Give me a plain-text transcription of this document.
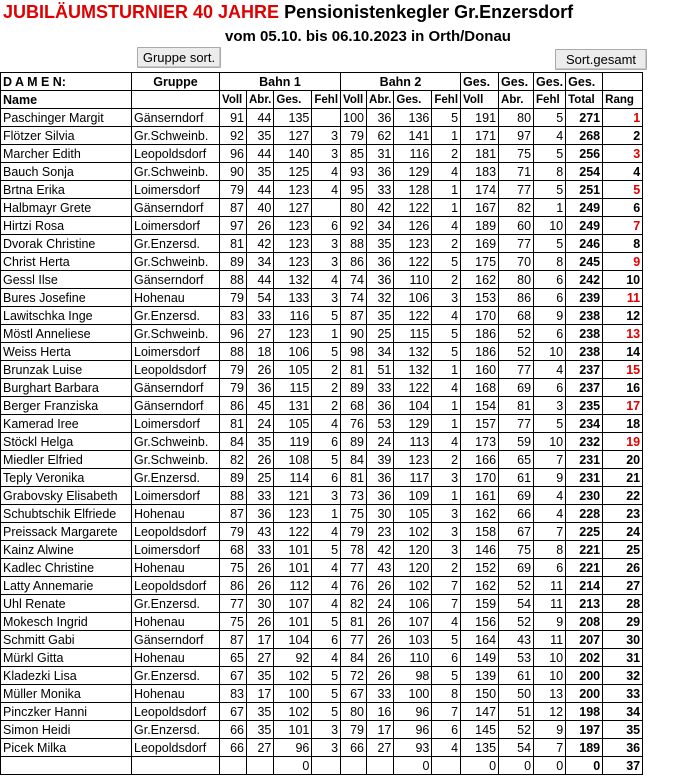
JUBILÄUMSTURNIER 40 JAHRE Pensionistenkegler Gr.Enzersdorf
vom 05.10. bis 06.10.2023 in Orth/Donau
Gruppe sort.	Sort.gesamt
D A M E N:	Gruppe	Bahn 1				Bahn 2				Ges.	Ges.	Ges.	Ges.	
Name		Voll	Abr.	Ges.	Fehl	Voll	Abr.	Ges.	Fehl	Voll	Abr.	Fehl	Total	Rang
Paschinger Margit	Gänserndorf	91	44	135		100	36	136	5	191	80	5	271	1
Flötzer Silvia	Gr.Schweinb.	92	35	127	3	79	62	141	1	171	97	4	268	2
Marcher Edith	Leopoldsdorf	96	44	140	3	85	31	116	2	181	75	5	256	3
Bauch Sonja	Gr.Schweinb.	90	35	125	4	93	36	129	4	183	71	8	254	4
Brtna Erika	Loimersdorf	79	44	123	4	95	33	128	1	174	77	5	251	5
Halbmayr Grete	Gänserndorf	87	40	127		80	42	122	1	167	82	1	249	6
Hirtzi Rosa	Loimersdorf	97	26	123	6	92	34	126	4	189	60	10	249	7
Dvorak Christine	Gr.Enzersd.	81	42	123	3	88	35	123	2	169	77	5	246	8
Christ Herta	Gr.Schweinb.	89	34	123	3	86	36	122	5	175	70	8	245	9
Gessl Ilse	Gänserndorf	88	44	132	4	74	36	110	2	162	80	6	242	10
Bures Josefine	Hohenau	79	54	133	3	74	32	106	3	153	86	6	239	11
Lawitschka Inge	Gr.Enzersd.	83	33	116	5	87	35	122	4	170	68	9	238	12
Möstl Anneliese	Gr.Schweinb.	96	27	123	1	90	25	115	5	186	52	6	238	13
Weiss Herta	Loimersdorf	88	18	106	5	98	34	132	5	186	52	10	238	14
Brunzak Luise	Leopoldsdorf	79	26	105	2	81	51	132	1	160	77	4	237	15
Burghart Barbara	Gänserndorf	79	36	115	2	89	33	122	4	168	69	6	237	16
Berger Franziska	Gänserndorf	86	45	131	2	68	36	104	1	154	81	3	235	17
Kamerad Iree	Loimersdorf	81	24	105	4	76	53	129	1	157	77	5	234	18
Stöckl Helga	Gr.Schweinb.	84	35	119	6	89	24	113	4	173	59	10	232	19
Miedler Elfried	Gr.Schweinb.	82	26	108	5	84	39	123	2	166	65	7	231	20
Teply Veronika	Gr.Enzersd.	89	25	114	6	81	36	117	3	170	61	9	231	21
Grabovsky Elisabeth	Loimersdorf	88	33	121	3	73	36	109	1	161	69	4	230	22
Schubtschik Elfriede	Hohenau	87	36	123	1	75	30	105	3	162	66	4	228	23
Preissack Margarete	Leopoldsdorf	79	43	122	4	79	23	102	3	158	67	7	225	24
Kainz Alwine	Loimersdorf	68	33	101	5	78	42	120	3	146	75	8	221	25
Kadlec Christine	Hohenau	75	26	101	4	77	43	120	2	152	69	6	221	26
Latty Annemarie	Leopoldsdorf	86	26	112	4	76	26	102	7	162	52	11	214	27
Uhl Renate	Gr.Enzersd.	77	30	107	4	82	24	106	7	159	54	11	213	28
Mokesch Ingrid	Hohenau	75	26	101	5	81	26	107	4	156	52	9	208	29
Schmitt Gabi	Gänserndorf	87	17	104	6	77	26	103	5	164	43	11	207	30
Mürkl Gitta	Hohenau	65	27	92	4	84	26	110	6	149	53	10	202	31
Kladezki Lisa	Gr.Enzersd.	67	35	102	5	72	26	98	5	139	61	10	200	32
Müller Monika	Hohenau	83	17	100	5	67	33	100	8	150	50	13	200	33
Pinczker Hanni	Leopoldsdorf	67	35	102	5	80	16	96	7	147	51	12	198	34
Simon Heidi	Gr.Enzersd.	66	35	101	3	79	17	96	6	145	52	9	197	35
Picek Milka	Leopoldsdorf	66	27	96	3	66	27	93	4	135	54	7	189	36
				0				0		0	0	0	0	37
